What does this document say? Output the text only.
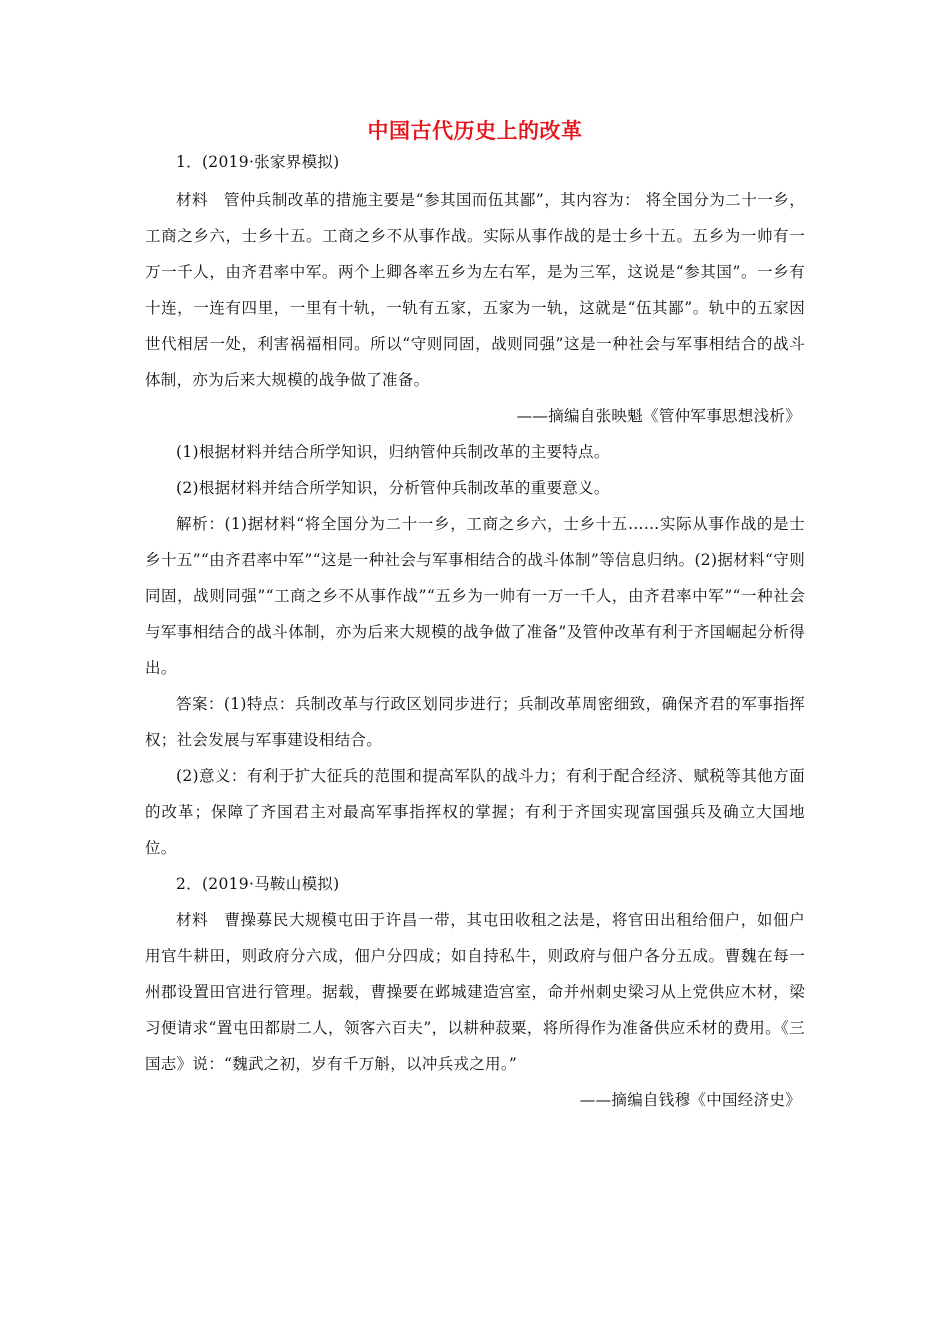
中国古代历史上的改革

1．(2019·张家界模拟)

材料　管仲兵制改革的措施主要是“参其国而伍其鄙”，其内容为： 将全国分为二十一乡，工商之乡六，士乡十五。工商之乡不从事作战。实际从事作战的是士乡十五。五乡为一帅有一万一千人，由齐君率中军。两个上卿各率五乡为左右军，是为三军，这说是“参其国”。一乡有十连，一连有四里，一里有十轨，一轨有五家，五家为一轨，这就是“伍其鄙”。轨中的五家因世代相居一处，利害祸福相同。所以“守则同固，战则同强”这是一种社会与军事相结合的战斗体制，亦为后来大规模的战争做了准备。

——摘编自张映魁《管仲军事思想浅析》

(1)根据材料并结合所学知识，归纳管仲兵制改革的主要特点。

(2)根据材料并结合所学知识，分析管仲兵制改革的重要意义。

解析：(1)据材料“将全国分为二十一乡，工商之乡六，士乡十五……实际从事作战的是士乡十五”“由齐君率中军”“这是一种社会与军事相结合的战斗体制”等信息归纳。(2)据材料“守则同固，战则同强”“工商之乡不从事作战”“五乡为一帅有一万一千人，由齐君率中军”“一种社会与军事相结合的战斗体制，亦为后来大规模的战争做了准备”及管仲改革有利于齐国崛起分析得出。

答案：(1)特点：兵制改革与行政区划同步进行；兵制改革周密细致，确保齐君的军事指挥权；社会发展与军事建设相结合。

(2)意义：有利于扩大征兵的范围和提高军队的战斗力；有利于配合经济、赋税等其他方面的改革；保障了齐国君主对最高军事指挥权的掌握；有利于齐国实现富国强兵及确立大国地位。

2．(2019·马鞍山模拟)

材料　曹操募民大规模屯田于许昌一带，其屯田收租之法是，将官田出租给佃户，如佃户用官牛耕田，则政府分六成，佃户分四成；如自持私牛，则政府与佃户各分五成。曹魏在每一州郡设置田官进行管理。据载，曹操要在邺城建造宫室，命并州刺史梁习从上党供应木材，梁习便请求“置屯田都尉二人，领客六百夫”，以耕种菽粟，将所得作为准备供应禾材的费用。《三国志》说：“魏武之初，岁有千万斛，以冲兵戎之用。”

——摘编自钱穆《中国经济史》
